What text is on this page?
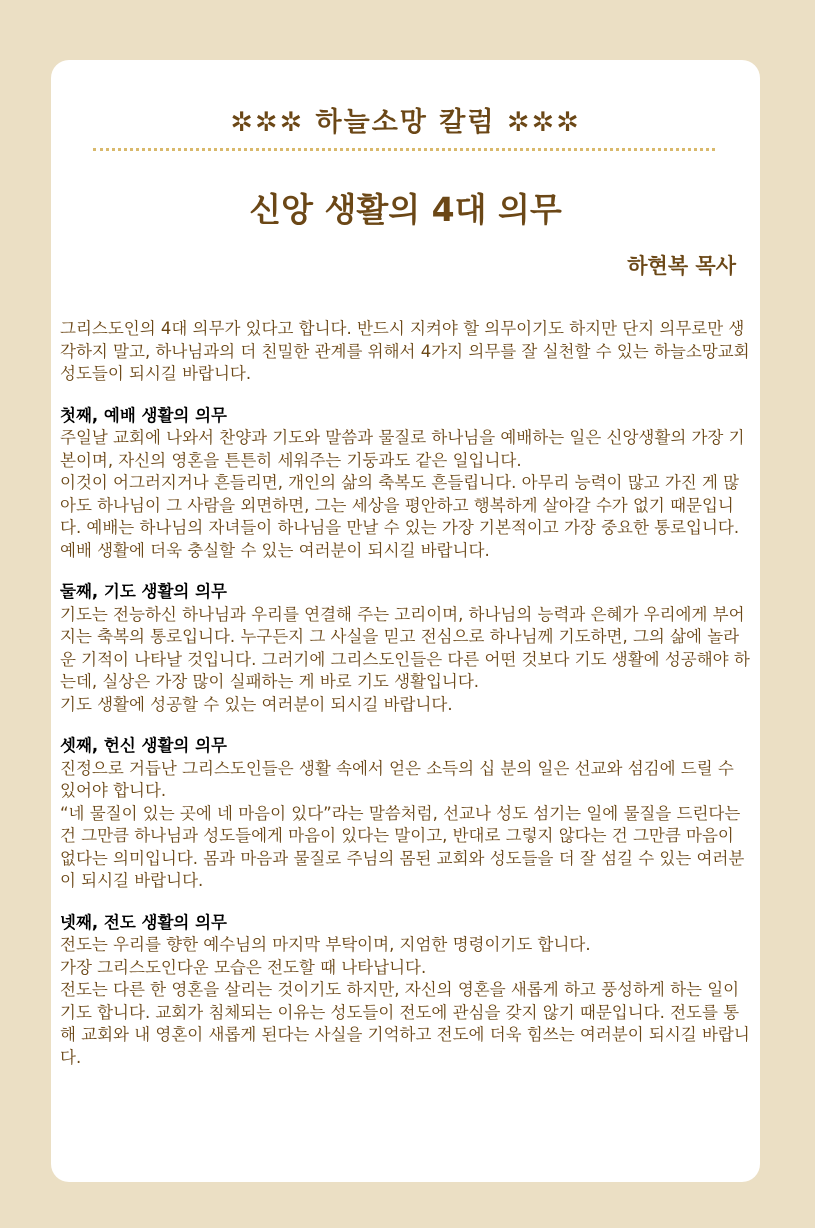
✲✲✲ 하늘소망 칼럼 ✲✲✲
신앙 생활의 4대 의무
하현복 목사

그리스도인의 4대 의무가 있다고 합니다. 반드시 지켜야 할 의무이기도 하지만 단지 의무로만 생각하지 말고, 하나님과의 더 친밀한 관계를 위해서 4가지 의무를 잘 실천할 수 있는 하늘소망교회 성도들이 되시길 바랍니다.

첫째, 예배 생활의 의무

주일날 교회에 나와서 찬양과 기도와 말씀과 물질로 하나님을 예배하는 일은 신앙생활의 가장 기본이며, 자신의 영혼을 튼튼히 세워주는 기둥과도 같은 일입니다.

이것이 어그러지거나 흔들리면, 개인의 삶의 축복도 흔들립니다. 아무리 능력이 많고 가진 게 많아도 하나님이 그 사람을 외면하면, 그는 세상을 평안하고 행복하게 살아갈 수가 없기 때문입니다. 예배는 하나님의 자녀들이 하나님을 만날 수 있는 가장 기본적이고 가장 중요한 통로입니다. 예배 생활에 더욱 충실할 수 있는 여러분이 되시길 바랍니다.

둘째, 기도 생활의 의무

기도는 전능하신 하나님과 우리를 연결해 주는 고리이며, 하나님의 능력과 은혜가 우리에게 부어지는 축복의 통로입니다. 누구든지 그 사실을 믿고 전심으로 하나님께 기도하면, 그의 삶에 놀라운 기적이 나타날 것입니다. 그러기에 그리스도인들은 다른 어떤 것보다 기도 생활에 성공해야 하는데, 실상은 가장 많이 실패하는 게 바로 기도 생활입니다.

기도 생활에 성공할 수 있는 여러분이 되시길 바랍니다.

셋째, 헌신 생활의 의무

진정으로 거듭난 그리스도인들은 생활 속에서 얻은 소득의 십 분의 일은 선교와 섬김에 드릴 수 있어야 합니다.

“네 물질이 있는 곳에 네 마음이 있다”라는 말씀처럼, 선교나 성도 섬기는 일에 물질을 드린다는 건 그만큼 하나님과 성도들에게 마음이 있다는 말이고, 반대로 그렇지 않다는 건 그만큼 마음이 없다는 의미입니다. 몸과 마음과 물질로 주님의 몸된 교회와 성도들을 더 잘 섬길 수 있는 여러분이 되시길 바랍니다.

넷째, 전도 생활의 의무

전도는 우리를 향한 예수님의 마지막 부탁이며, 지엄한 명령이기도 합니다.

가장 그리스도인다운 모습은 전도할 때 나타납니다.

전도는 다른 한 영혼을 살리는 것이기도 하지만, 자신의 영혼을 새롭게 하고 풍성하게 하는 일이기도 합니다. 교회가 침체되는 이유는 성도들이 전도에 관심을 갖지 않기 때문입니다. 전도를 통해 교회와 내 영혼이 새롭게 된다는 사실을 기억하고 전도에 더욱 힘쓰는 여러분이 되시길 바랍니다.
